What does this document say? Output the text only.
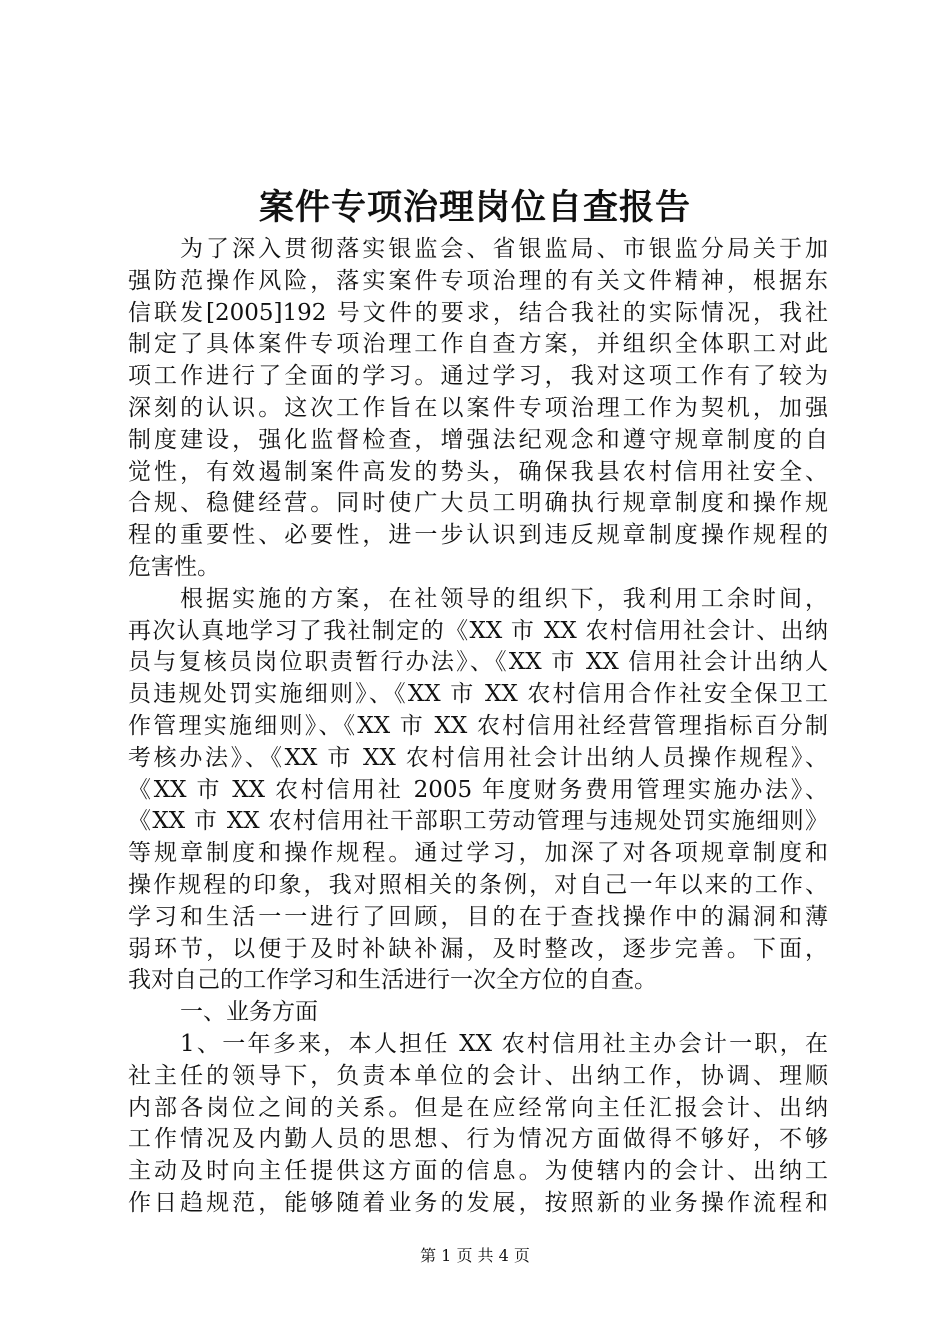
案件专项治理岗位自查报告
为了深入贯彻落实银监会、省银监局、市银监分局关于加
强防范操作风险，落实案件专项治理的有关文件精神，根据东
信联发[2005]192 号文件的要求，结合我社的实际情况，我社
制定了具体案件专项治理工作自查方案，并组织全体职工对此
项工作进行了全面的学习。通过学习，我对这项工作有了较为
深刻的认识。这次工作旨在以案件专项治理工作为契机，加强
制度建设，强化监督检查，增强法纪观念和遵守规章制度的自
觉性，有效遏制案件高发的势头，确保我县农村信用社安全、
合规、稳健经营。同时使广大员工明确执行规章制度和操作规
程的重要性、必要性，进一步认识到违反规章制度操作规程的
危害性。
根据实施的方案，在社领导的组织下，我利用工余时间，
再次认真地学习了我社制定的《XX 市 XX 农村信用社会计、出纳
员与复核员岗位职责暂行办法》、《XX 市 XX 信用社会计出纳人
员违规处罚实施细则》、《XX 市 XX 农村信用合作社安全保卫工
作管理实施细则》、《XX 市 XX 农村信用社经营管理指标百分制
考核办法》、《XX 市 XX 农村信用社会计出纳人员操作规程》、
《XX 市 XX 农村信用社 2005 年度财务费用管理实施办法》、
《XX 市 XX 农村信用社干部职工劳动管理与违规处罚实施细则》
等规章制度和操作规程。通过学习，加深了对各项规章制度和
操作规程的印象，我对照相关的条例，对自己一年以来的工作、
学习和生活一一进行了回顾，目的在于查找操作中的漏洞和薄
弱环节，以便于及时补缺补漏，及时整改，逐步完善。下面，
我对自己的工作学习和生活进行一次全方位的自查。
一、业务方面
1、一年多来，本人担任 XX 农村信用社主办会计一职，在
社主任的领导下，负责本单位的会计、出纳工作，协调、理顺
内部各岗位之间的关系。但是在应经常向主任汇报会计、出纳
工作情况及内勤人员的思想、行为情况方面做得不够好，不够
主动及时向主任提供这方面的信息。为使辖内的会计、出纳工
作日趋规范，能够随着业务的发展，按照新的业务操作流程和
第 1 页 共 4 页
